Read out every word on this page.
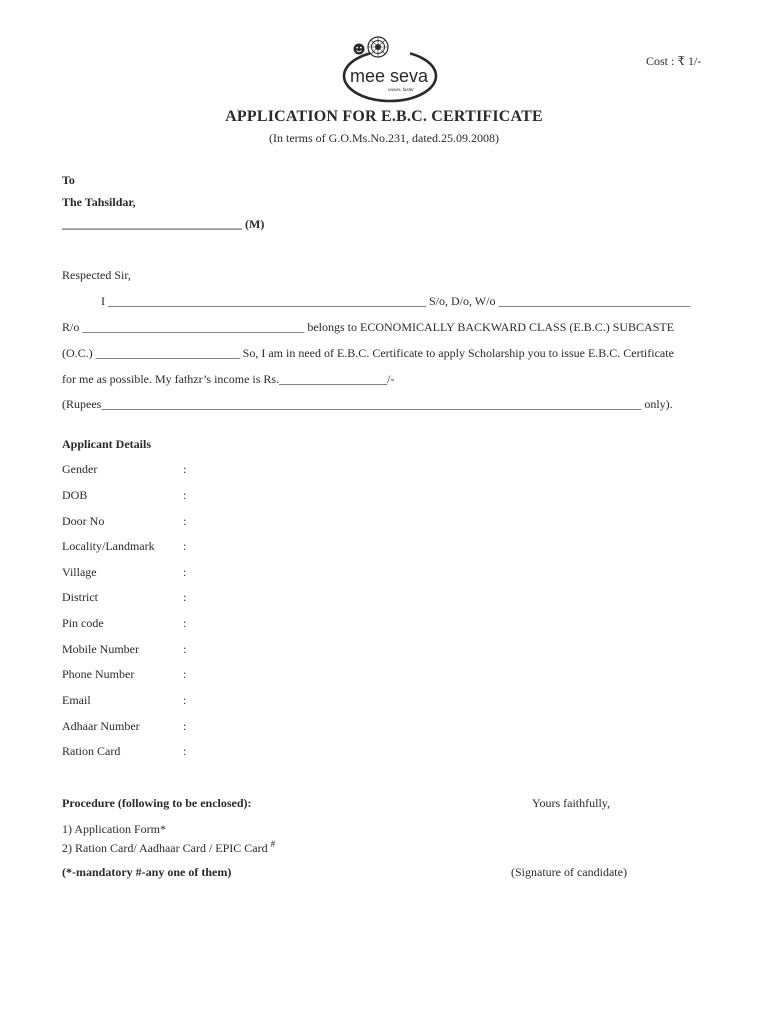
Cost : ₹ 1/-
mee seva
easier, faster
APPLICATION FOR E.B.C. CERTIFICATE
(In terms of G.O.Ms.No.231, dated.25.09.2008)
To
The Tahsildar,
______________________________ (M)
Respected Sir,
I _____________________________________________________ S/o, D/o, W/o ________________________________
R/o _____________________________________ belongs to ECONOMICALLY BACKWARD CLASS (E.B.C.) SUBCASTE
(O.C.) ________________________ So, I am in need of E.B.C. Certificate to apply Scholarship you to issue E.B.C. Certificate
for me as possible. My fathzr’s income is Rs.__________________/-
(Rupees__________________________________________________________________________________________ only).
Applicant Details
Gender	:
DOB	:
Door No	:
Locality/Landmark :
Village	:
District	:
Pin code	:
Mobile Number	:
Phone Number	:
Email	:
Adhaar Number	:
Ration Card	:
Procedure (following to be enclosed):
1) Application Form*
2) Ration Card/ Aadhaar Card / EPIC Card #
(*-mandatory #-any one of them)
Yours faithfully,
(Signature of candidate)
